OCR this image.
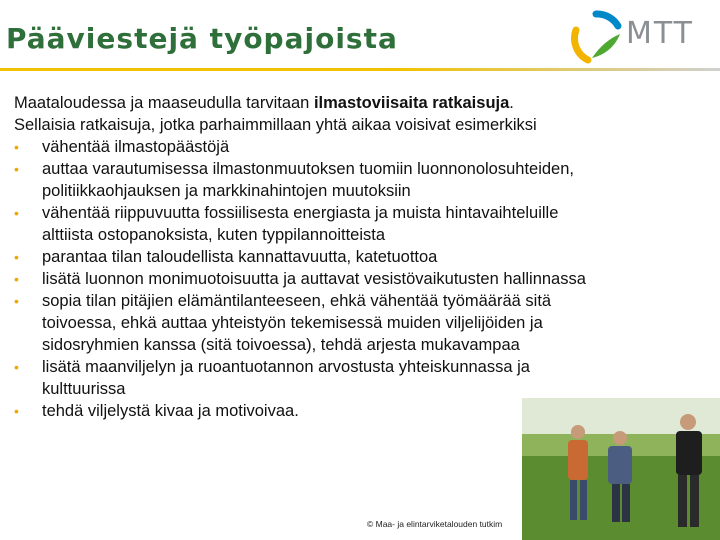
Pääviestejä työpajoista	MTT

Maataloudessa ja maaseudulla tarvitaan ilmastoviisaita ratkaisuja.

Sellaisia ratkaisuja, jotka parhaimmillaan yhtä aikaa voisivat esimerkiksi

• vähentää ilmastopäästöjä
• auttaa varautumisessa ilmastonmuutoksen tuomiin luonnonolosuhteiden,
politiikkaohjauksen ja markkinahintojen muutoksiin
• vähentää riippuvuutta fossiilisesta energiasta ja muista hintavaihteluille
alttiista ostopanoksista, kuten typpilannoitteista
• parantaa tilan taloudellista kannattavuutta, katetuottoa
• lisätä luonnon monimuotoisuutta ja auttavat vesistövaikutusten hallinnassa
• sopia tilan pitäjien elämäntilanteeseen, ehkä vähentää työmäärää sitä
toivoessa, ehkä auttaa yhteistyön tekemisessä muiden viljelijöiden ja
sidosryhmien kanssa (sitä toivoessa), tehdä arjesta mukavampaa
• lisätä maanviljelyn ja ruoantuotannon arvostusta yhteiskunnassa ja
kulttuurissa
• tehdä viljelystä kivaa ja motivoivaa.
© Maa- ja elintarviketalouden tutkim
